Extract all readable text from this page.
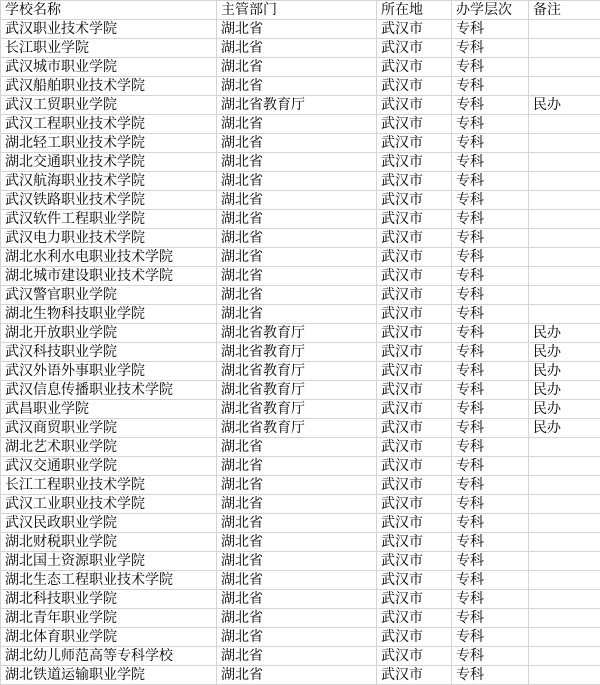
学校名称	主管部门	所在地	办学层次	备注
武汉职业技术学院	湖北省	武汉市	专科	
长江职业学院	湖北省	武汉市	专科	
武汉城市职业学院	湖北省	武汉市	专科	
武汉船舶职业技术学院	湖北省	武汉市	专科	
武汉工贸职业学院	湖北省教育厅	武汉市	专科	民办
武汉工程职业技术学院	湖北省	武汉市	专科	
湖北轻工职业技术学院	湖北省	武汉市	专科	
湖北交通职业技术学院	湖北省	武汉市	专科	
武汉航海职业技术学院	湖北省	武汉市	专科	
武汉铁路职业技术学院	湖北省	武汉市	专科	
武汉软件工程职业学院	湖北省	武汉市	专科	
武汉电力职业技术学院	湖北省	武汉市	专科	
湖北水利水电职业技术学院	湖北省	武汉市	专科	
湖北城市建设职业技术学院	湖北省	武汉市	专科	
武汉警官职业学院	湖北省	武汉市	专科	
湖北生物科技职业学院	湖北省	武汉市	专科	
湖北开放职业学院	湖北省教育厅	武汉市	专科	民办
武汉科技职业学院	湖北省教育厅	武汉市	专科	民办
武汉外语外事职业学院	湖北省教育厅	武汉市	专科	民办
武汉信息传播职业技术学院	湖北省教育厅	武汉市	专科	民办
武昌职业学院	湖北省教育厅	武汉市	专科	民办
武汉商贸职业学院	湖北省教育厅	武汉市	专科	民办
湖北艺术职业学院	湖北省	武汉市	专科	
武汉交通职业学院	湖北省	武汉市	专科	
长江工程职业技术学院	湖北省	武汉市	专科	
武汉工业职业技术学院	湖北省	武汉市	专科	
武汉民政职业学院	湖北省	武汉市	专科	
湖北财税职业学院	湖北省	武汉市	专科	
湖北国土资源职业学院	湖北省	武汉市	专科	
湖北生态工程职业技术学院	湖北省	武汉市	专科	
湖北科技职业学院	湖北省	武汉市	专科	
湖北青年职业学院	湖北省	武汉市	专科	
湖北体育职业学院	湖北省	武汉市	专科	
湖北幼儿师范高等专科学校	湖北省	武汉市	专科	
湖北铁道运输职业学院	湖北省	武汉市	专科	
